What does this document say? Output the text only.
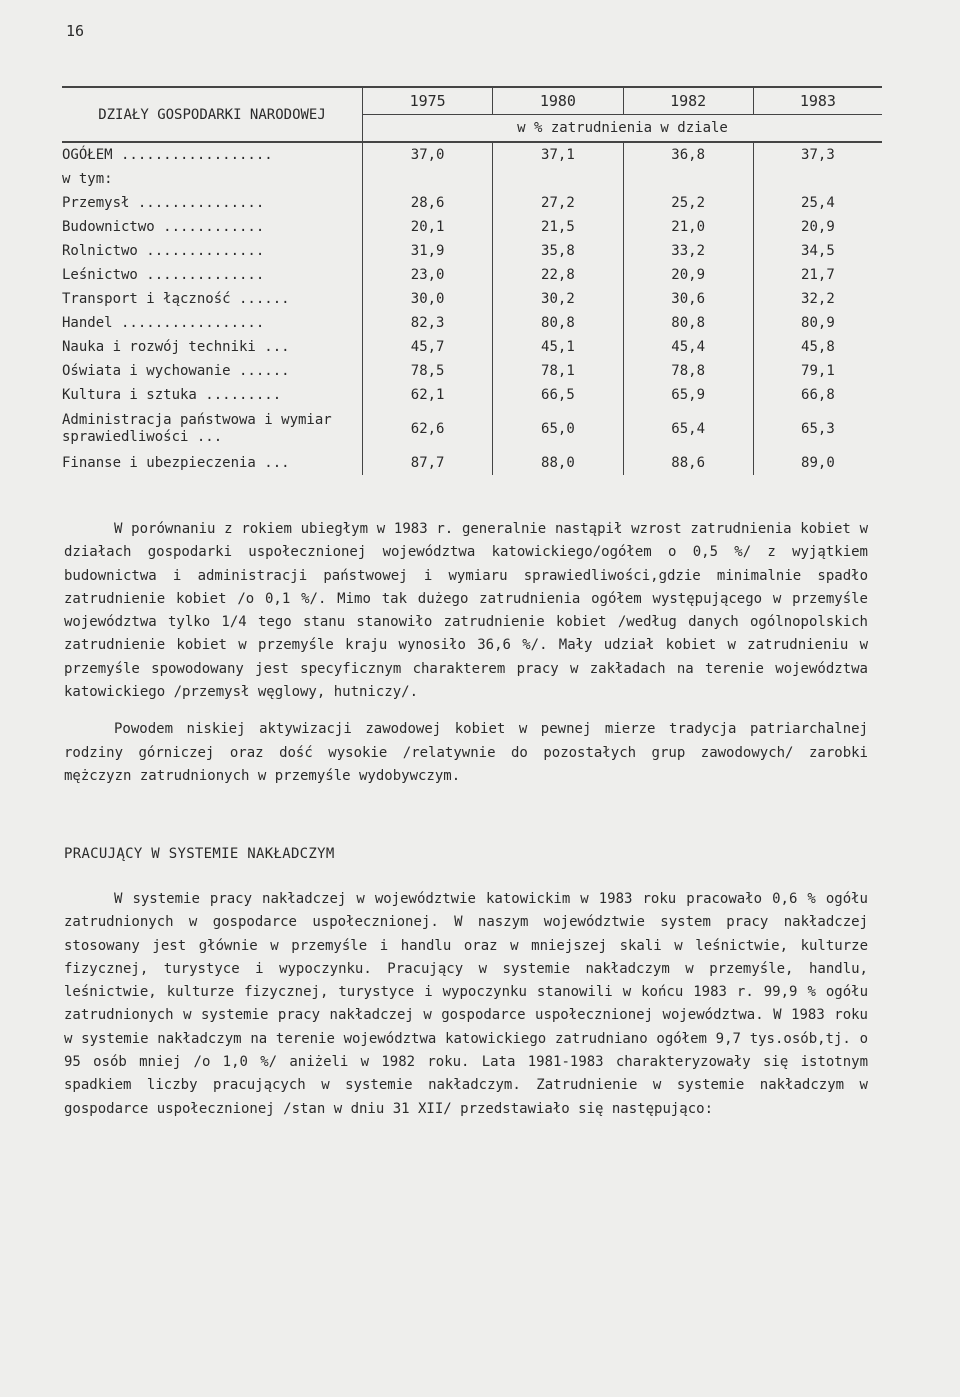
16

DZIAŁY GOSPODARKI NARODOWEJ	1975	1980	1982	1983
	w % zatrudnienia w dziale			

OGÓŁEM ..................	37,0	37,1	36,8	37,3
w tym:				
Przemysł ...............	28,6	27,2	25,2	25,4
Budownictwo ............	20,1	21,5	21,0	20,9
Rolnictwo ..............	31,9	35,8	33,2	34,5
Leśnictwo ..............	23,0	22,8	20,9	21,7
Transport i łączność ......	30,0	30,2	30,6	32,2
Handel .................	82,3	80,8	80,8	80,9
Nauka i rozwój techniki ...	45,7	45,1	45,4	45,8
Oświata i wychowanie ......	78,5	78,1	78,8	79,1
Kultura i sztuka .........	62,1	66,5	65,9	66,8
Administracja państwowa i wymiar sprawiedliwości ...	62,6	65,0	65,4	65,3
Finanse i ubezpieczenia ...	87,7	88,0	88,6	89,0

W porównaniu z rokiem ubiegłym w 1983 r. generalnie nastąpił wzrost zatrudnienia kobiet w działach gospodarki uspołecznionej województwa katowickiego/ogółem o 0,5 %/ z wyjątkiem budownictwa i administracji państwowej i wymiaru sprawiedliwości,gdzie minimalnie spadło zatrudnienie kobiet /o 0,1 %/. Mimo tak dużego zatrudnienia ogółem występującego w przemyśle województwa tylko 1/4 tego stanu stanowiło zatrudnienie kobiet /według danych ogólnopolskich zatrudnienie kobiet w przemyśle kraju wynosiło 36,6 %/. Mały udział kobiet w zatrudnieniu w przemyśle spowodowany jest specyficznym charakterem pracy w zakładach na terenie województwa katowickiego /przemysł węglowy, hutniczy/.

Powodem niskiej aktywizacji zawodowej kobiet w pewnej mierze tradycja patriarchalnej rodziny górniczej oraz dość wysokie /relatywnie do pozostałych grup zawodowych/ zarobki mężczyzn zatrudnionych w przemyśle wydobywczym.

PRACUJĄCY W SYSTEMIE NAKŁADCZYM

W systemie pracy nakładczej w województwie katowickim w 1983 roku pracowało 0,6 % ogółu zatrudnionych w gospodarce uspołecznionej. W naszym województwie system pracy nakładczej stosowany jest głównie w przemyśle i handlu oraz w mniejszej skali w leśnictwie, kulturze fizycznej, turystyce i wypoczynku. Pracujący w systemie nakładczym w przemyśle, handlu, leśnictwie, kulturze fizycznej, turystyce i wypoczynku stanowili w końcu 1983 r. 99,9 % ogółu zatrudnionych w systemie pracy nakładczej w gospodarce uspołecznionej województwa. W 1983 roku w systemie nakładczym na terenie województwa katowickiego zatrudniano ogółem 9,7 tys.osób,tj. o 95 osób mniej /o 1,0 %/ aniżeli w 1982 roku. Lata 1981-1983 charakteryzowały się istotnym spadkiem liczby pracujących w systemie nakładczym. Zatrudnienie w systemie nakładczym w gospodarce uspołecznionej /stan w dniu 31 XII/ przedstawiało się następująco:
